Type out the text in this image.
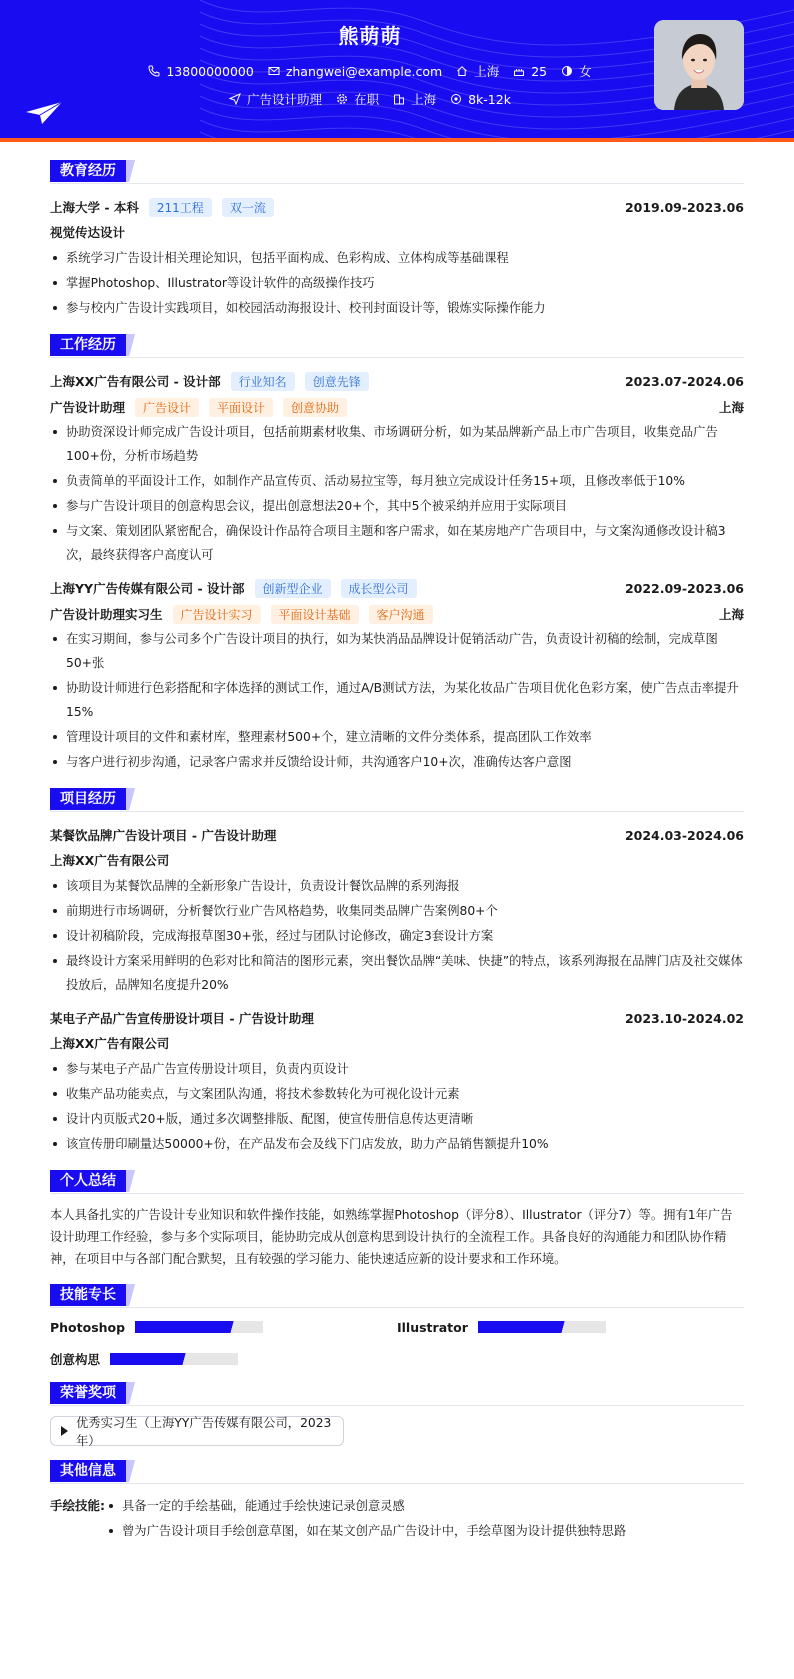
熊萌萌
13800000000	zhangwei@example.com	上海	25	女
广告设计助理	在职	上海	8k-12k
教育经历
上海大学 - 本科	211工程	双一流	2019.09-2023.06
视觉传达设计
系统学习广告设计相关理论知识，包括平面构成、色彩构成、立体构成等基础课程
掌握Photoshop、Illustrator等设计软件的高级操作技巧
参与校内广告设计实践项目，如校园活动海报设计、校刊封面设计等，锻炼实际操作能力
工作经历
上海XX广告有限公司 - 设计部	行业知名	创意先锋	2023.07-2024.06
广告设计助理	广告设计	平面设计	创意协助	上海
协助资深设计师完成广告设计项目，包括前期素材收集、市场调研分析，如为某品牌新产品上市广告项目，收集竞品广告100+份，分析市场趋势
负责简单的平面设计工作，如制作产品宣传页、活动易拉宝等，每月独立完成设计任务15+项，且修改率低于10%
参与广告设计项目的创意构思会议，提出创意想法20+个，其中5个被采纳并应用于实际项目
与文案、策划团队紧密配合，确保设计作品符合项目主题和客户需求，如在某房地产广告项目中，与文案沟通修改设计稿3次，最终获得客户高度认可
上海YY广告传媒有限公司 - 设计部	创新型企业	成长型公司	2022.09-2023.06
广告设计助理实习生	广告设计实习	平面设计基础	客户沟通	上海
在实习期间，参与公司多个广告设计项目的执行，如为某快消品品牌设计促销活动广告，负责设计初稿的绘制，完成草图50+张
协助设计师进行色彩搭配和字体选择的测试工作，通过A/B测试方法，为某化妆品广告项目优化色彩方案，使广告点击率提升15%
管理设计项目的文件和素材库，整理素材500+个，建立清晰的文件分类体系，提高团队工作效率
与客户进行初步沟通，记录客户需求并反馈给设计师，共沟通客户10+次，准确传达客户意图
项目经历
某餐饮品牌广告设计项目 - 广告设计助理	2024.03-2024.06
上海XX广告有限公司
该项目为某餐饮品牌的全新形象广告设计，负责设计餐饮品牌的系列海报
前期进行市场调研，分析餐饮行业广告风格趋势，收集同类品牌广告案例80+个
设计初稿阶段，完成海报草图30+张，经过与团队讨论修改，确定3套设计方案
最终设计方案采用鲜明的色彩对比和简洁的图形元素，突出餐饮品牌“美味、快捷”的特点，该系列海报在品牌门店及社交媒体投放后，品牌知名度提升20%
某电子产品广告宣传册设计项目 - 广告设计助理	2023.10-2024.02
上海XX广告有限公司
参与某电子产品广告宣传册设计项目，负责内页设计
收集产品功能卖点，与文案团队沟通，将技术参数转化为可视化设计元素
设计内页版式20+版，通过多次调整排版、配图，使宣传册信息传达更清晰
该宣传册印刷量达50000+份，在产品发布会及线下门店发放，助力产品销售额提升10%
个人总结

本人具备扎实的广告设计专业知识和软件操作技能，如熟练掌握Photoshop（评分8）、Illustrator（评分7）等。拥有1年广告设计助理工作经验，参与多个实际项目，能协助完成从创意构思到设计执行的全流程工作。具备良好的沟通能力和团队协作精神，在项目中与各部门配合默契，且有较强的学习能力、能快速适应新的设计要求和工作环境。

技能专长
Photoshop	Illustrator
创意构思
荣誉奖项
优秀实习生（上海YY广告传媒有限公司，2023年）
其他信息
手绘技能:	具备一定的手绘基础，能通过手绘快速记录创意灵感
曾为广告设计项目手绘创意草图，如在某文创产品广告设计中，手绘草图为设计提供独特思路
